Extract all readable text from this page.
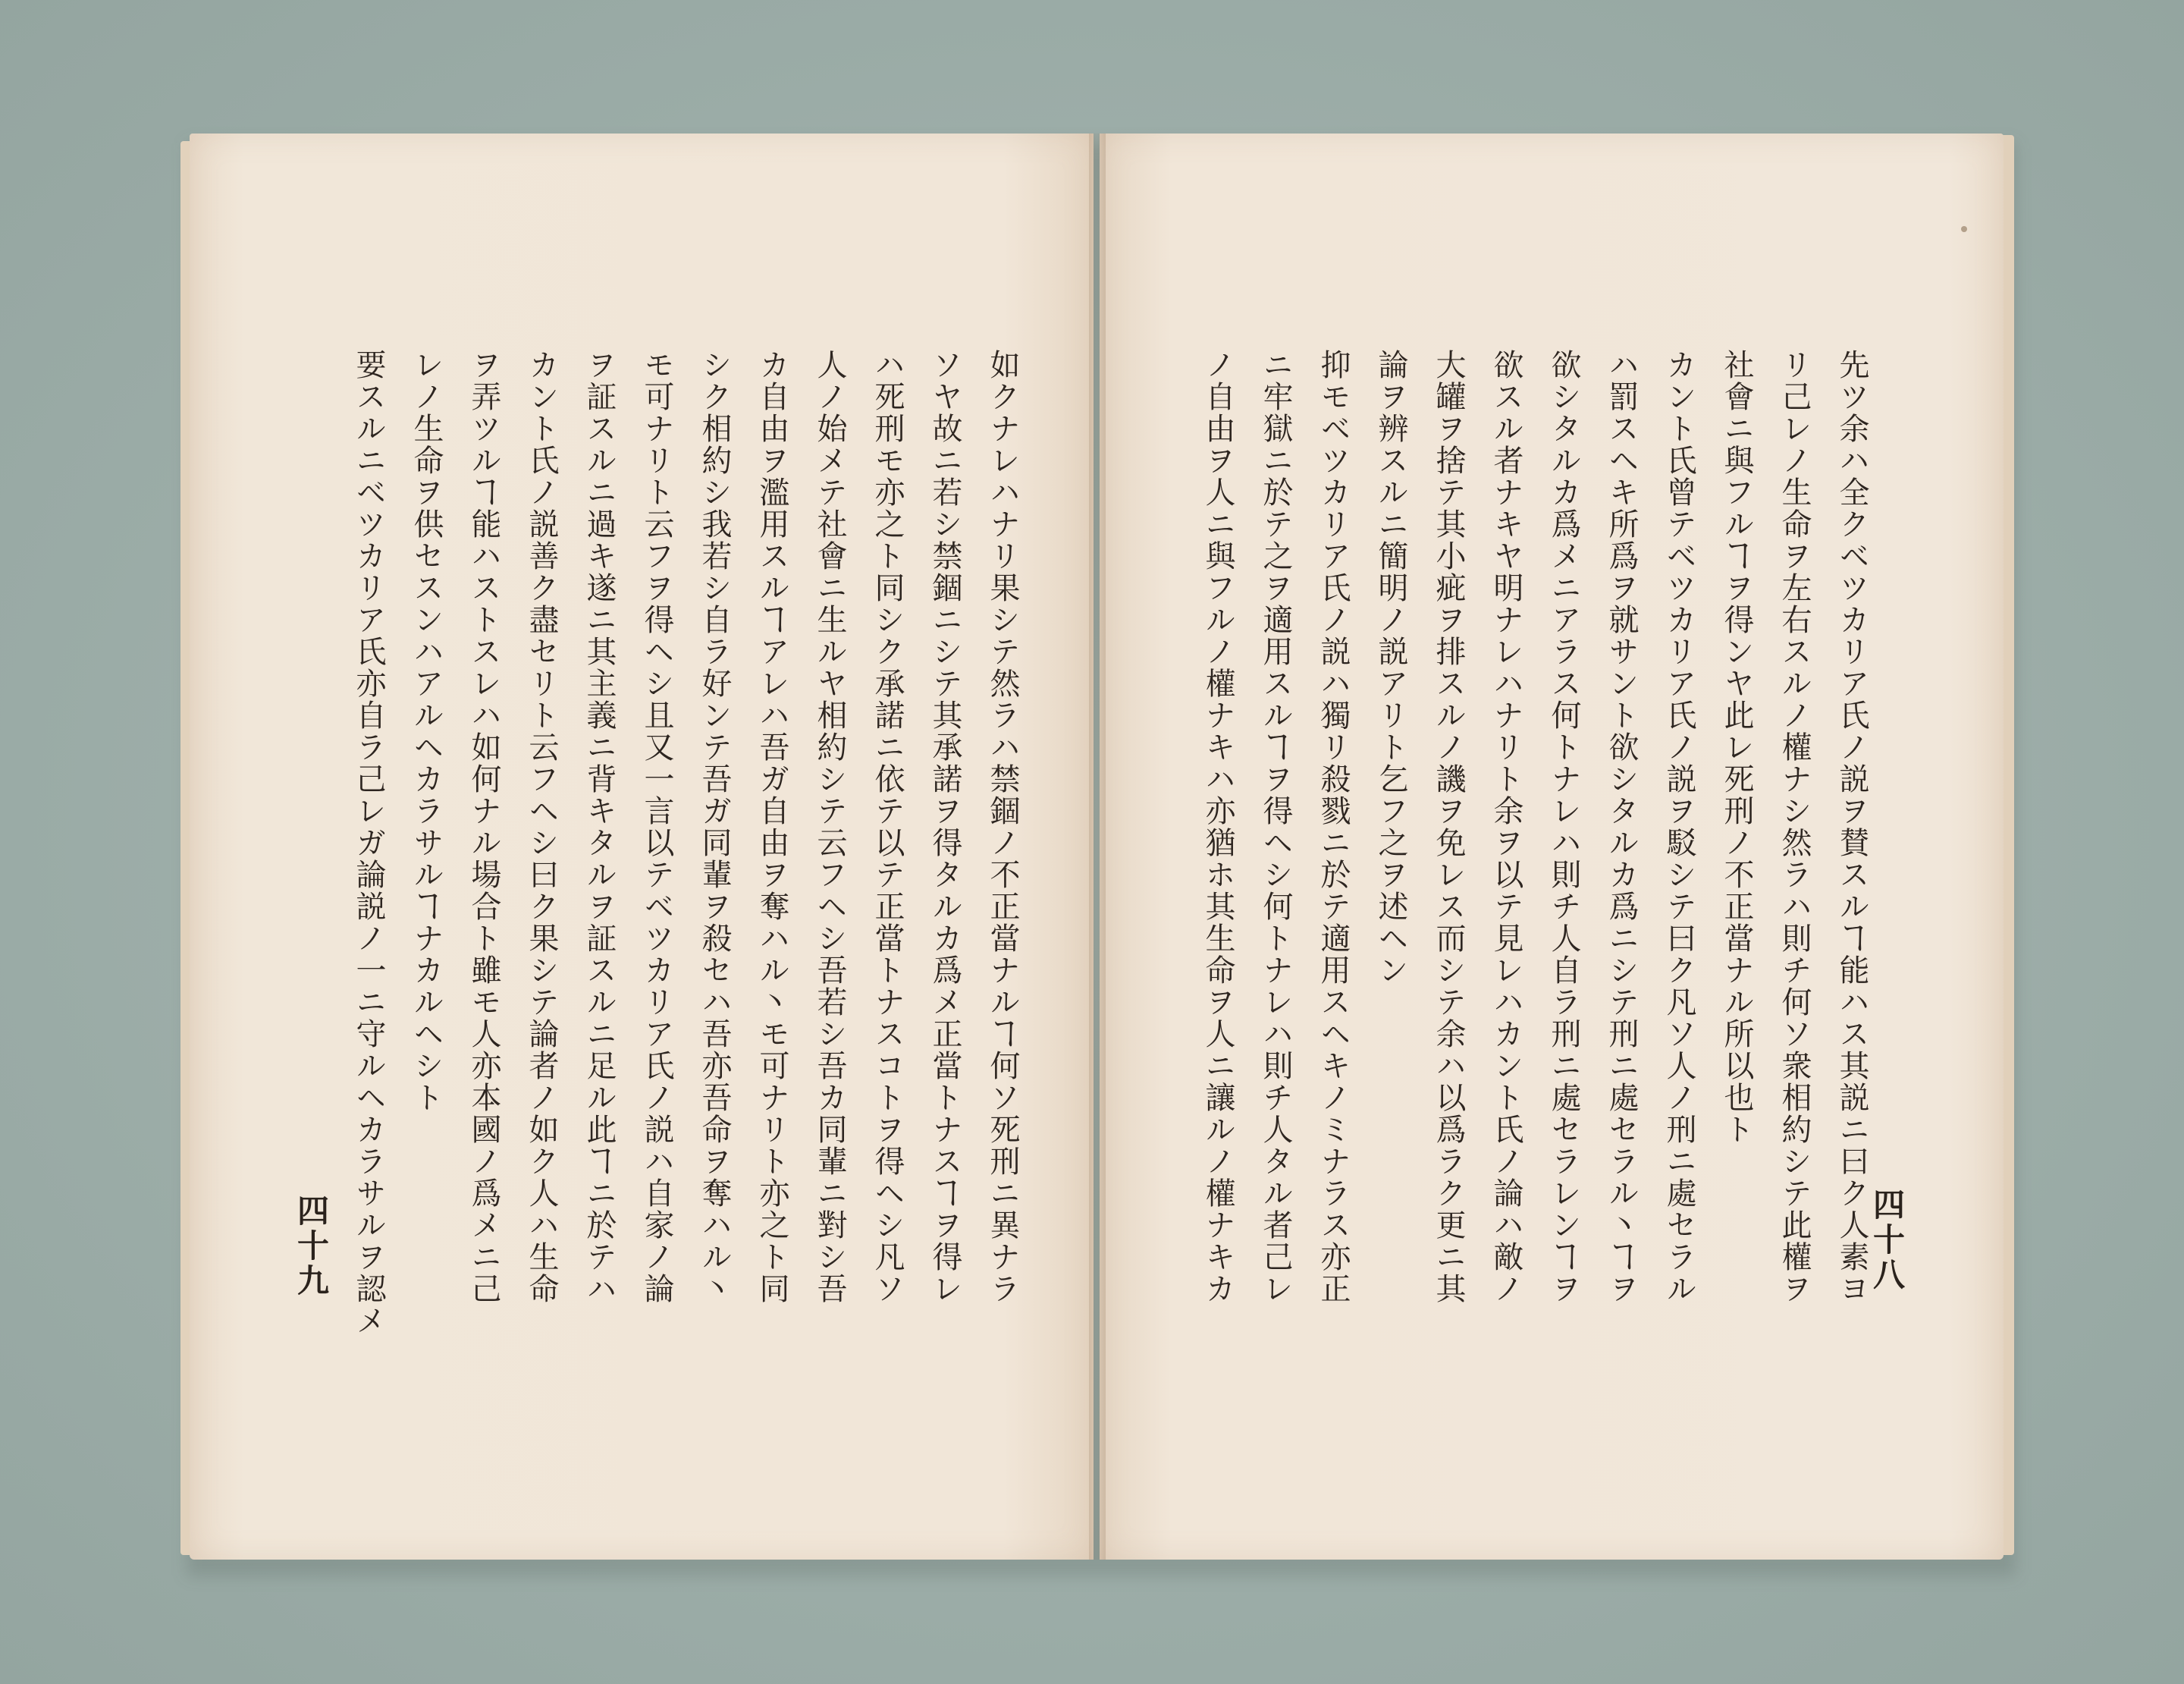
先ツ余ハ全クベツカリア氏ノ説ヲ賛スルヿ能ハス其説ニ曰ク人素ヨ
リ己レノ生命ヲ左右スルノ權ナシ然ラハ則チ何ソ衆相約シテ此權ヲ
社會ニ與フルヿヲ得ンヤ此レ死刑ノ不正當ナル所以也ト
カント氏曾テベツカリア氏ノ説ヲ駁シテ曰ク凡ソ人ノ刑ニ處セラル
ハ罰スヘキ所爲ヲ就サント欲シタルカ爲ニシテ刑ニ處セラル丶ヿヲ
欲シタルカ爲メニアラス何トナレハ則チ人自ラ刑ニ處セラレンヿヲ
欲スル者ナキヤ明ナレハナリト余ヲ以テ見レハカント氏ノ論ハ敵ノ
大罐ヲ捨テ其小疵ヲ排スルノ譏ヲ免レス而シテ余ハ以爲ラク更ニ其
論ヲ辨スルニ簡明ノ説アリト乞フ之ヲ述ヘン
抑モベツカリア氏ノ説ハ獨リ殺戮ニ於テ適用スヘキノミナラス亦正
ニ牢獄ニ於テ之ヲ適用スルヿヲ得ヘシ何トナレハ則チ人タル者己レ
ノ自由ヲ人ニ與フルノ權ナキハ亦猶ホ其生命ヲ人ニ讓ルノ權ナキカ	四十八
如クナレハナリ果シテ然ラハ禁錮ノ不正當ナルヿ何ソ死刑ニ異ナラ
ソヤ故ニ若シ禁錮ニシテ其承諾ヲ得タルカ爲メ正當トナスヿヲ得レ
ハ死刑モ亦之ト同シク承諾ニ依テ以テ正當トナスコトヲ得ヘシ凡ソ
人ノ始メテ社會ニ生ルヤ相約シテ云フヘシ吾若シ吾カ同輩ニ對シ吾
カ自由ヲ濫用スルヿアレハ吾ガ自由ヲ奪ハル丶モ可ナリト亦之ト同
シク相約シ我若シ自ラ好ンテ吾ガ同輩ヲ殺セハ吾亦吾命ヲ奪ハル丶
モ可ナリト云フヲ得ヘシ且又一言以テベツカリア氏ノ説ハ自家ノ論
ヲ証スルニ過キ遂ニ其主義ニ背キタルヲ証スルニ足ル此ヿニ於テハ
カント氏ノ説善ク盡セリト云フヘシ曰ク果シテ論者ノ如ク人ハ生命
ヲ弄ツルヿ能ハストスレハ如何ナル場合ト雖モ人亦本國ノ爲メニ己
レノ生命ヲ供セスンハアルヘカラサルヿナカルヘシト
要スルニベツカリア氏亦自ラ己レガ論説ノ一ニ守ルヘカラサルヲ認メ
四十九
